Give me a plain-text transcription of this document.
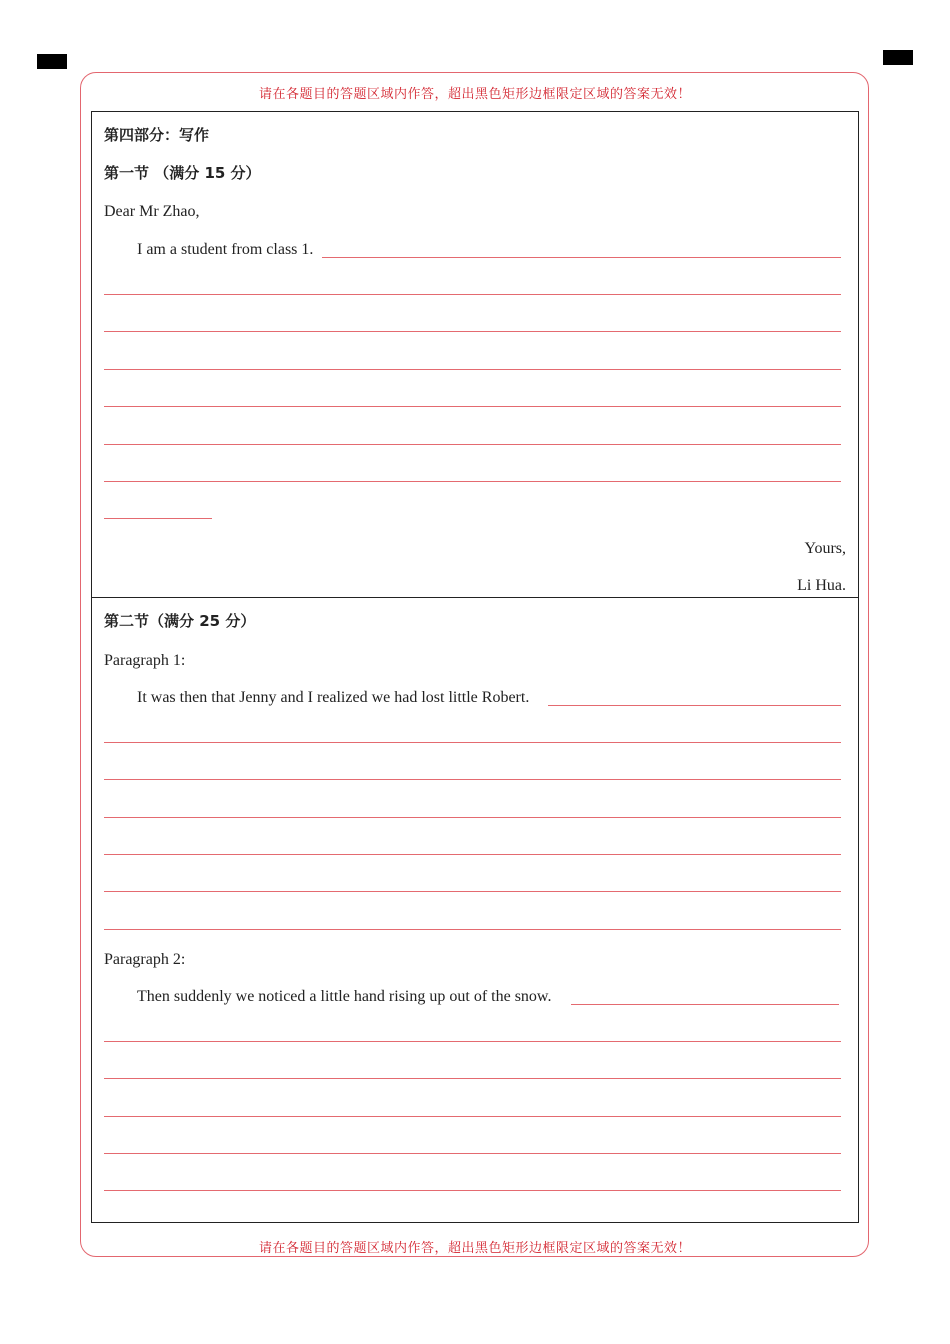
请在各题目的答题区域内作答，超出黑色矩形边框限定区域的答案无效！
请在各题目的答题区域内作答，超出黑色矩形边框限定区域的答案无效！
第四部分：写作
第一节 （满分 15 分）
Dear Mr Zhao,
I am a student from class 1.
Yours,
Li Hua.
第二节（满分 25 分）
Paragraph 1:
It was then that Jenny and I realized we had lost little Robert.
Paragraph 2:
Then suddenly we noticed a little hand rising up out of the snow.
